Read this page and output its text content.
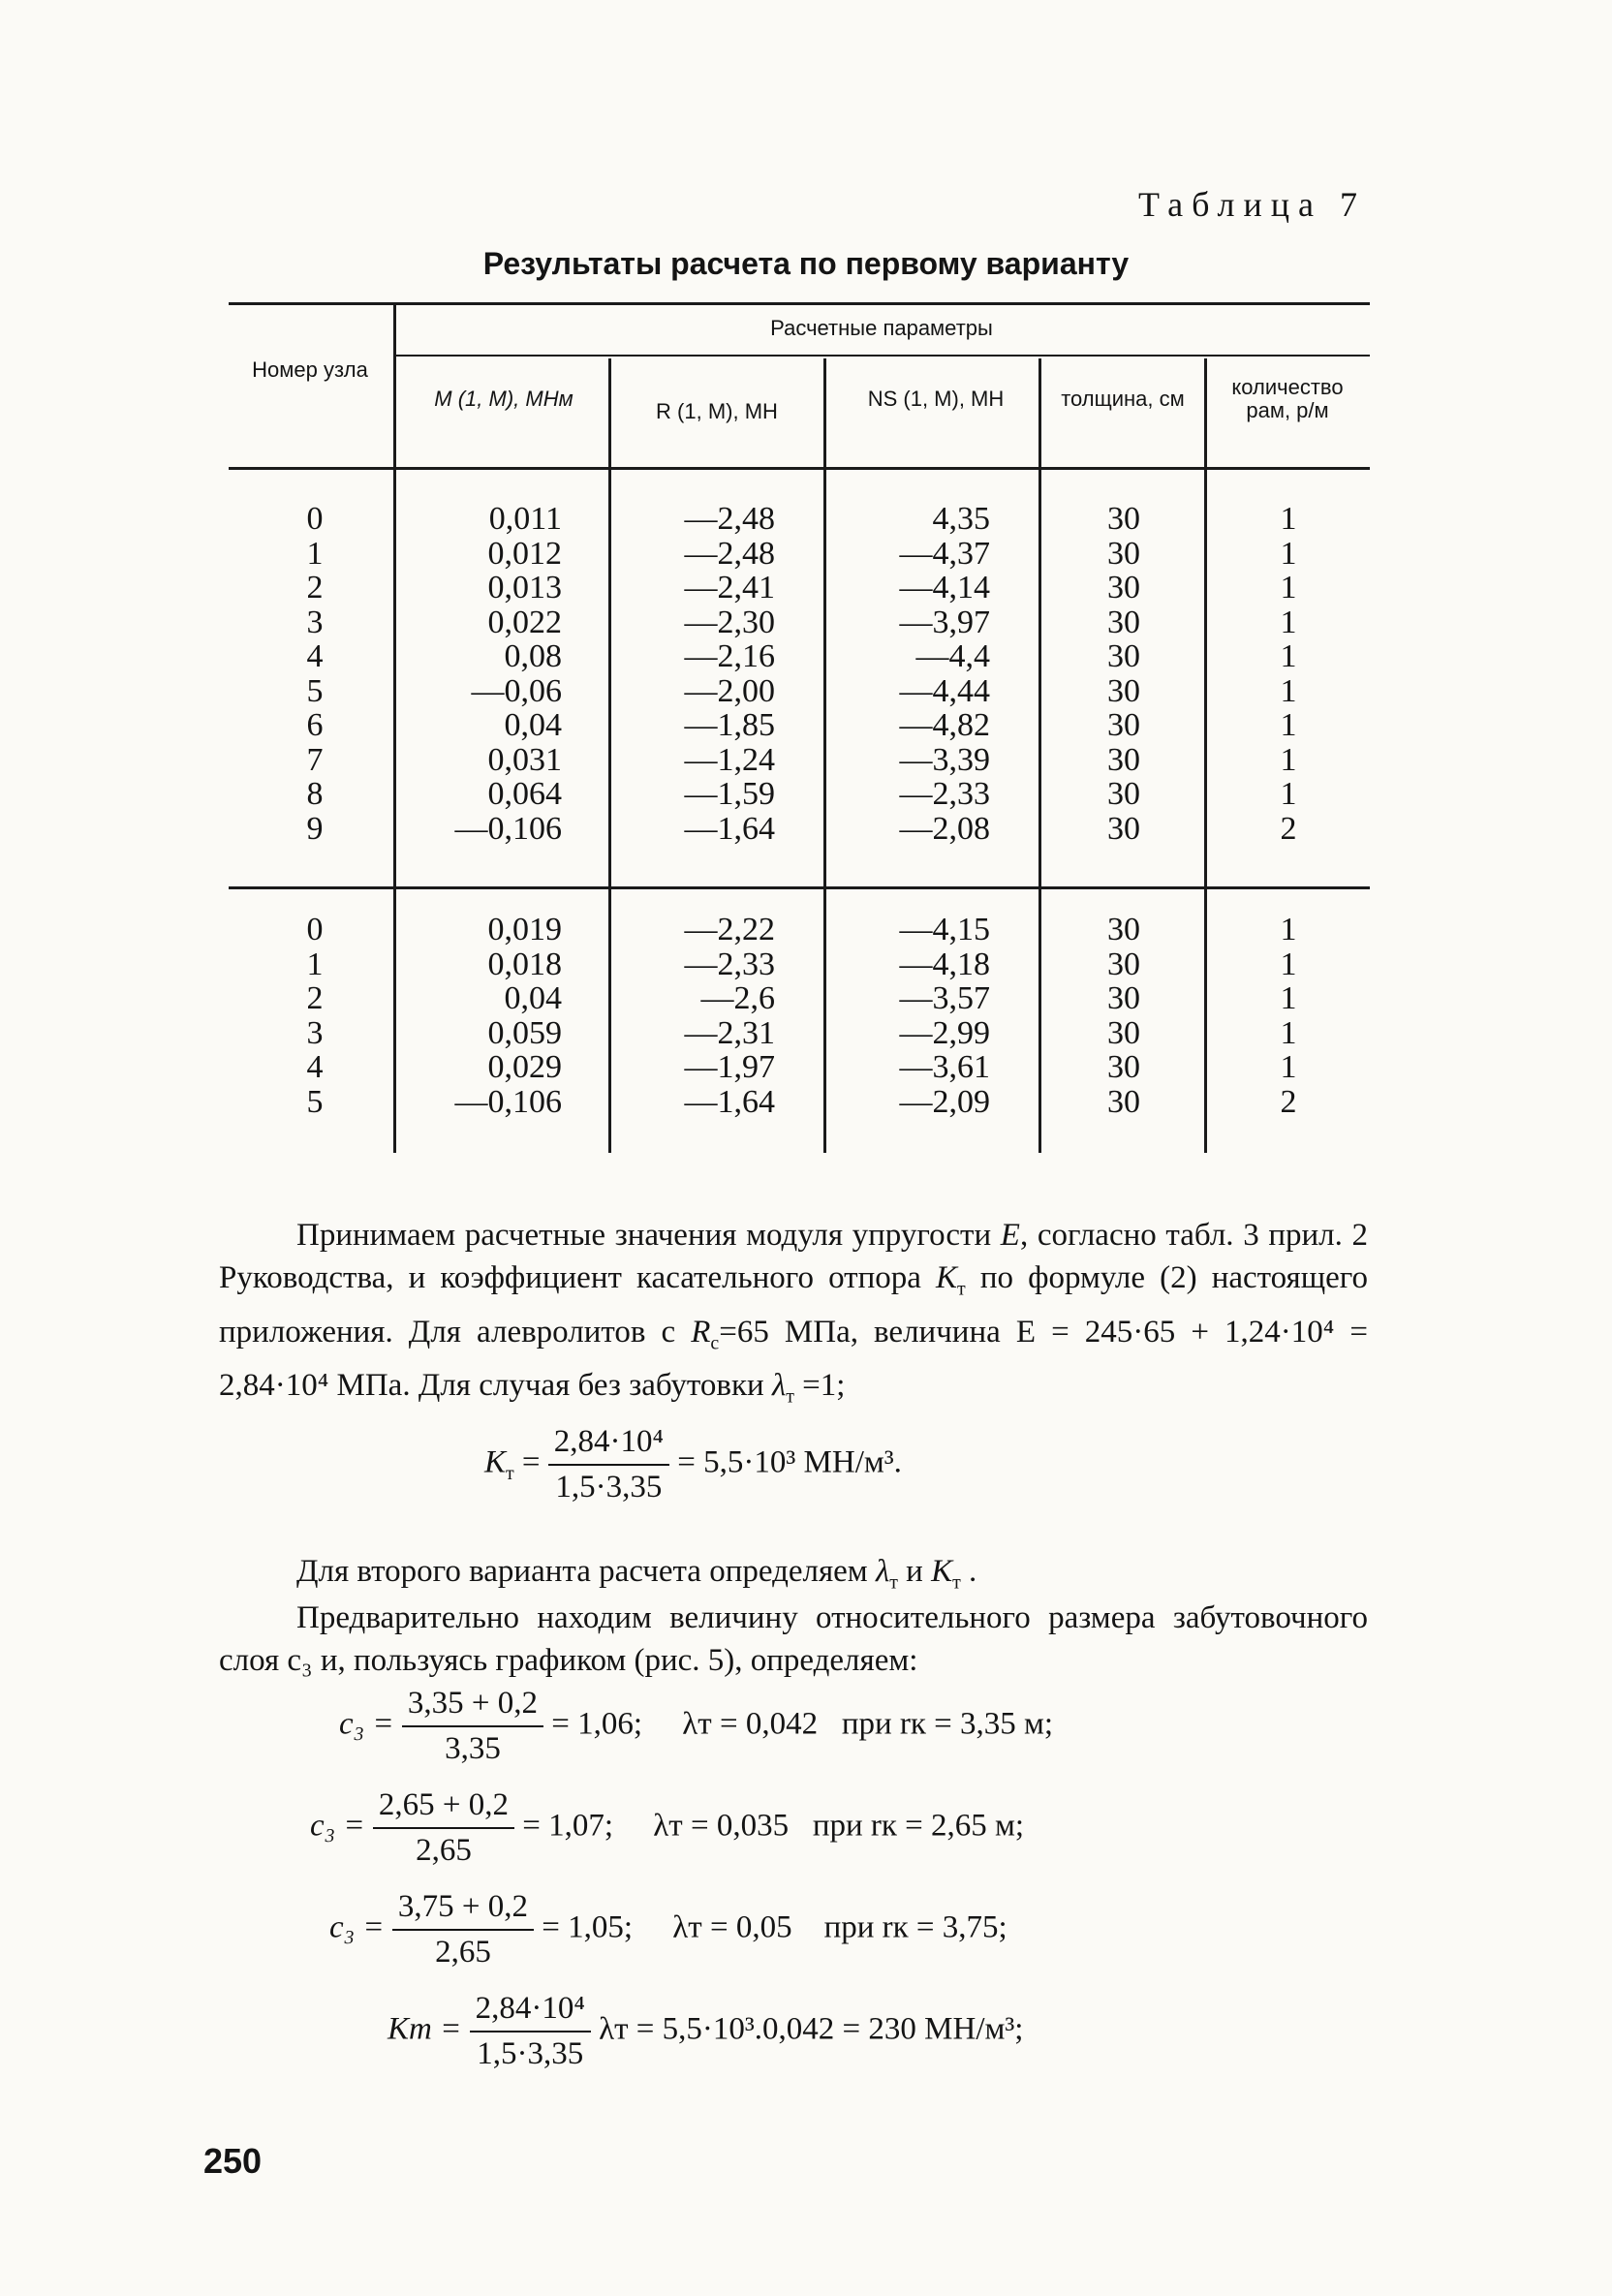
Таблица 7
Результаты расчета по первому варианту
Номер узла
Расчетные параметры
M (1, M), МНм
R (1, M), МН
NS (1, M), МН	толщина, см	количество рам, р/м
0
1
2
3
4
5
6
7
8
9
0,011
0,012
0,013
0,022
0,08
—0,06
0,04
0,031
0,064
—0,106
—2,48
—2,48
—2,41
—2,30
—2,16
—2,00
—1,85
—1,24
—1,59
—1,64
4,35
—4,37
—4,14
—3,97
—4,4
—4,44
—4,82
—3,39
—2,33
—2,08
30
30
30
30
30
30
30
30
30
30
1
1
1
1
1
1
1
1
1
2
0
1
2
3
4
5
0,019
0,018
0,04
0,059
0,029
—0,106
—2,22
—2,33
—2,6
—2,31
—1,97
—1,64
—4,15
—4,18
—3,57
—2,99
—3,61
—2,09
30
30
30
30
30
30
1
1
1
1
1
2
Принимаем расчетные значения модуля упругости E, согласно табл. 3 прил. 2 Руководства, и коэффициент касательного отпора $K_т$ по формуле (2) настоящего приложения. Для алевролитов с $R_с=65$ МПа, величина E = 245·65 + 1,24·10⁴ = 2,84·10⁴ МПа. Для случая без забутовки $\lambda_т =1$;
$K_т = \frac{\text{2,84·10⁴}}{1,5\cdot 3,35} = 5,5\cdot 10^3$ МН/м³.
Для второго варианта расчета определяем $\lambda_т$ и $K_т$ .
Предварительно находим величину относительного размера забутовочного слоя c₃ и, пользуясь графиком (рис. 5), определяем:
$c_3 = \frac{3,35 + 0,2}{3,35} = 1,06$;     λт = 0,042   при rк = 3,35 м;
$c_3 = \frac{2,65 + 0,2}{2,65} = 1,07$;     λт = 0,035   при rк = 2,65 м;
$c_3 = \frac{3,75 + 0,2}{2,65} = 1,05$;     λт = 0,05    при rк = 3,75;
Kт = $\frac{\text{2,84·10⁴}}{1,5\cdot 3,35}$ λт = 5,5·10³.0,042 = 230 МН/м³;
250
